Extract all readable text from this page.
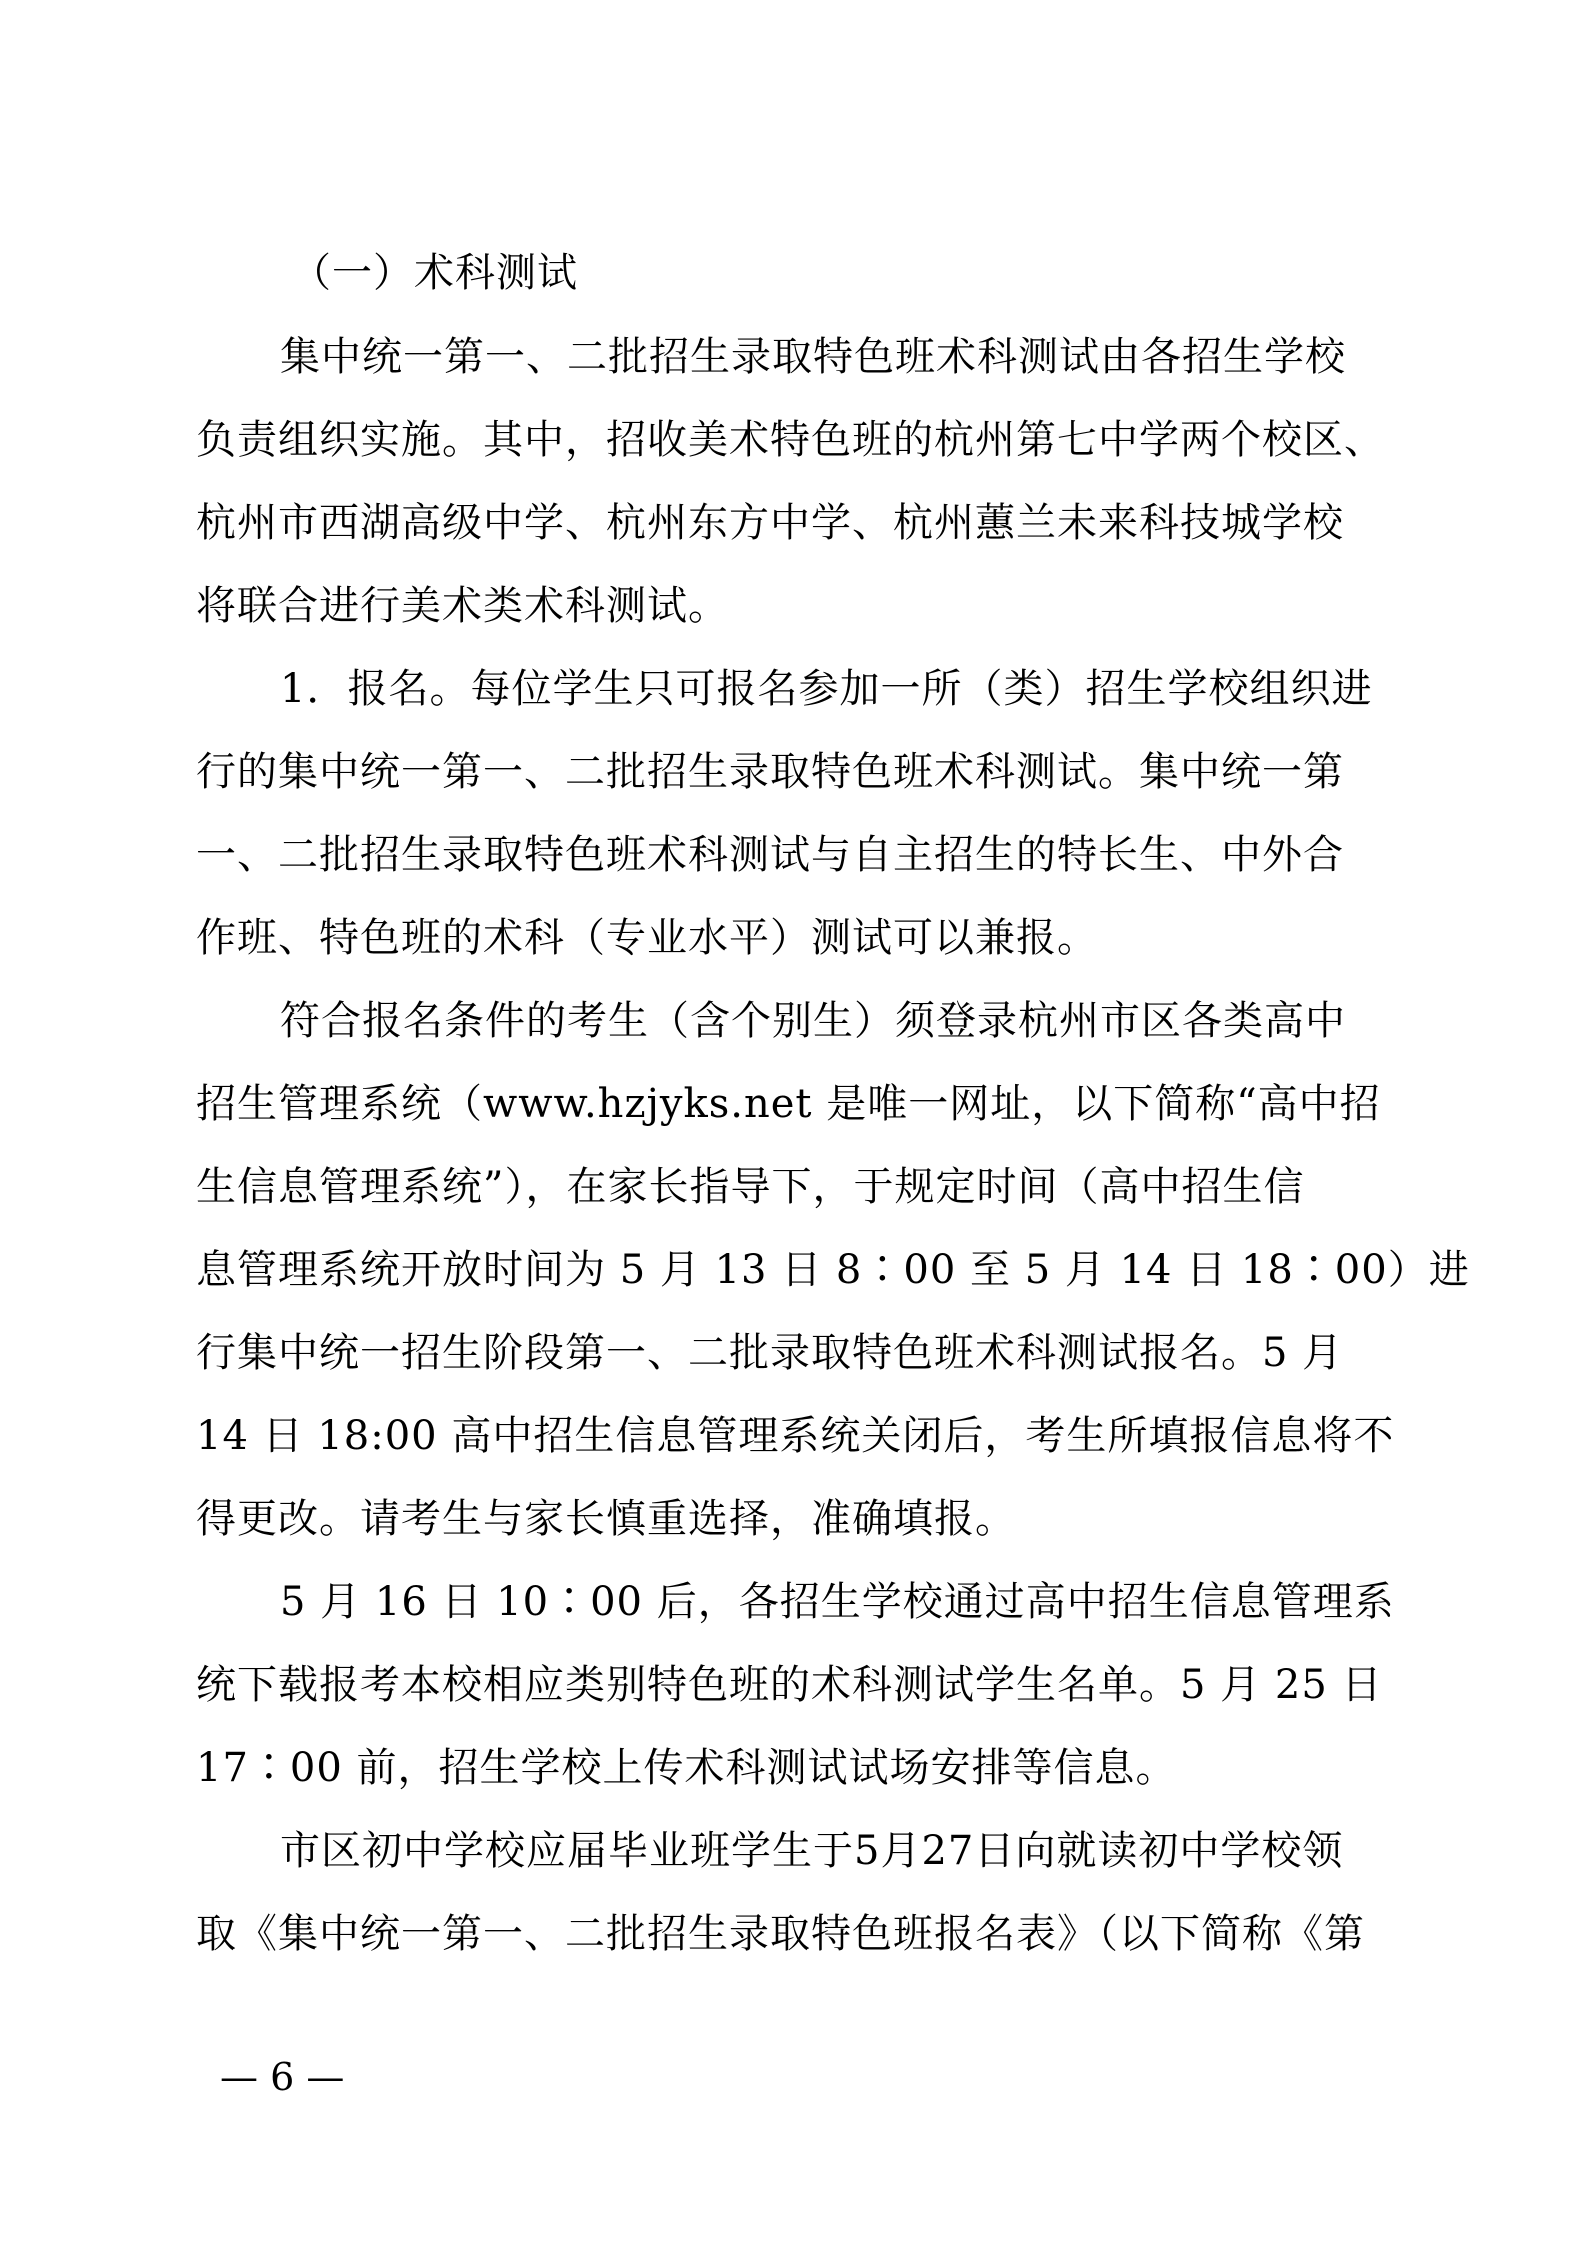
（一）术科测试
集中统一第一、二批招生录取特色班术科测试由各招生学校
负责组织实施。其中，招收美术特色班的杭州第七中学两个校区、
杭州市西湖高级中学、杭州东方中学、杭州蕙兰未来科技城学校
将联合进行美术类术科测试。
1．报名。每位学生只可报名参加一所（类）招生学校组织进
行的集中统一第一、二批招生录取特色班术科测试。集中统一第
一、二批招生录取特色班术科测试与自主招生的特长生、中外合
作班、特色班的术科（专业水平）测试可以兼报。
符合报名条件的考生（含个别生）须登录杭州市区各类高中
招生管理系统（www.hzjyks.net 是唯一网址，以下简称“高中招
生信息管理系统”），在家长指导下，于规定时间（高中招生信
息管理系统开放时间为 5 月 13 日 8∶00 至 5 月 14 日 18∶00）进
行集中统一招生阶段第一、二批录取特色班术科测试报名。5 月
14 日 18:00 高中招生信息管理系统关闭后，考生所填报信息将不
得更改。请考生与家长慎重选择，准确填报。
5 月 16 日 10∶00 后，各招生学校通过高中招生信息管理系
统下载报考本校相应类别特色班的术科测试学生名单。5 月 25 日
17∶00 前，招生学校上传术科测试试场安排等信息。
市区初中学校应届毕业班学生于5月27日向就读初中学校领
取《集中统一第一、二批招生录取特色班报名表》（以下简称《第
— 6 —
